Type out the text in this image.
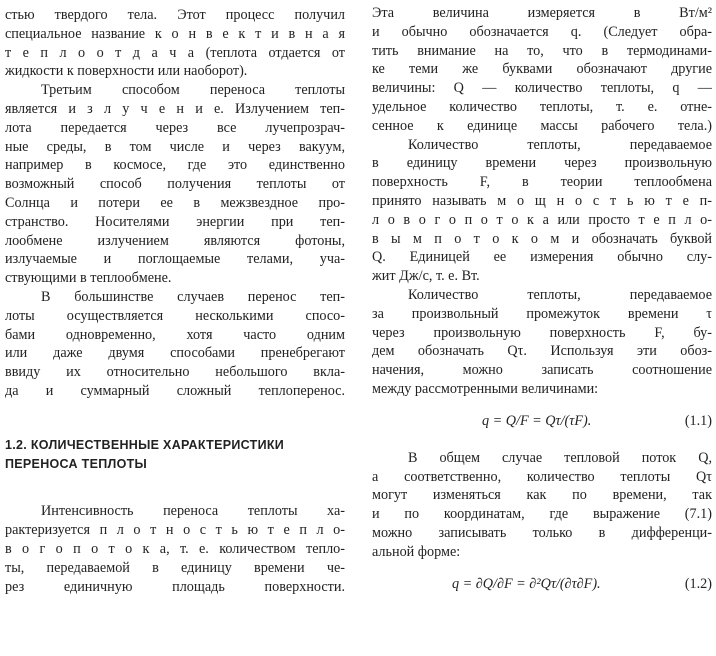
стью твердого тела. Этот процесс получил
специальное название к о н в е к т и в н а я
т е п л о о т д а ч а (теплота отдается от
жидкости к поверхности или наоборот).
Третьим способом переноса теплоты
является и з л у ч е н и е. Излучением теп-
лота передается через все лучепрозрач-
ные среды, в том числе и через вакуум,
например в космосе, где это единственно
возможный способ получения теплоты от
Солнца и потери ее в межзвездное про-
странство. Носителями энергии при теп-
лообмене излучением являются фотоны,
излучаемые и поглощаемые телами, уча-
ствующими в теплообмене.
В большинстве случаев перенос теп-
лоты осуществляется несколькими спосо-
бами одновременно, хотя часто одним
или даже двумя способами пренебрегают
ввиду их относительно небольшого вкла-
да и суммарный сложный теплоперенос.
1.2. КОЛИЧЕСТВЕННЫЕ ХАРАКТЕРИСТИКИ
ПЕРЕНОСА ТЕПЛОТЫ
Интенсивность переноса теплоты ха-
рактеризуется п л о т н о с т ь ю т е п л о-
в о г о п о т о к а, т. е. количеством тепло-
ты, передаваемой в единицу времени че-
рез единичную площадь поверхности.
Эта величина измеряется в Вт/м²
и обычно обозначается q. (Следует обра-
тить внимание на то, что в термодинами-
ке теми же буквами обозначают другие
величины: Q — количество теплоты, q —
удельное количество теплоты, т. е. отне-
сенное к единице массы рабочего тела.)
Количество теплоты, передаваемое
в единицу времени через произвольную
поверхность F, в теории теплообмена
принято называть м о щ н о с т ь ю т е п-
л о в о г о п о т о к а или просто т е п л о-
в ы м п о т о к о м и обозначать буквой
Q. Единицей ее измерения обычно слу-
жит Дж/с, т. е. Вт.
Количество теплоты, передаваемое
за произвольный промежуток времени τ
через произвольную поверхность F, бу-
дем обозначать Qτ. Используя эти обоз-
начения, можно записать соотношение
между рассмотренными величинами:
q = Q/F = Qτ/(τF).	(1.1)
В общем случае тепловой поток Q,
а соответственно, количество теплоты Qτ
могут изменяться как по времени, так
и по координатам, где выражение (7.1)
можно записывать только в дифференци-
альной форме:
q = ∂Q/∂F = ∂²Qτ/(∂τ∂F).	(1.2)
